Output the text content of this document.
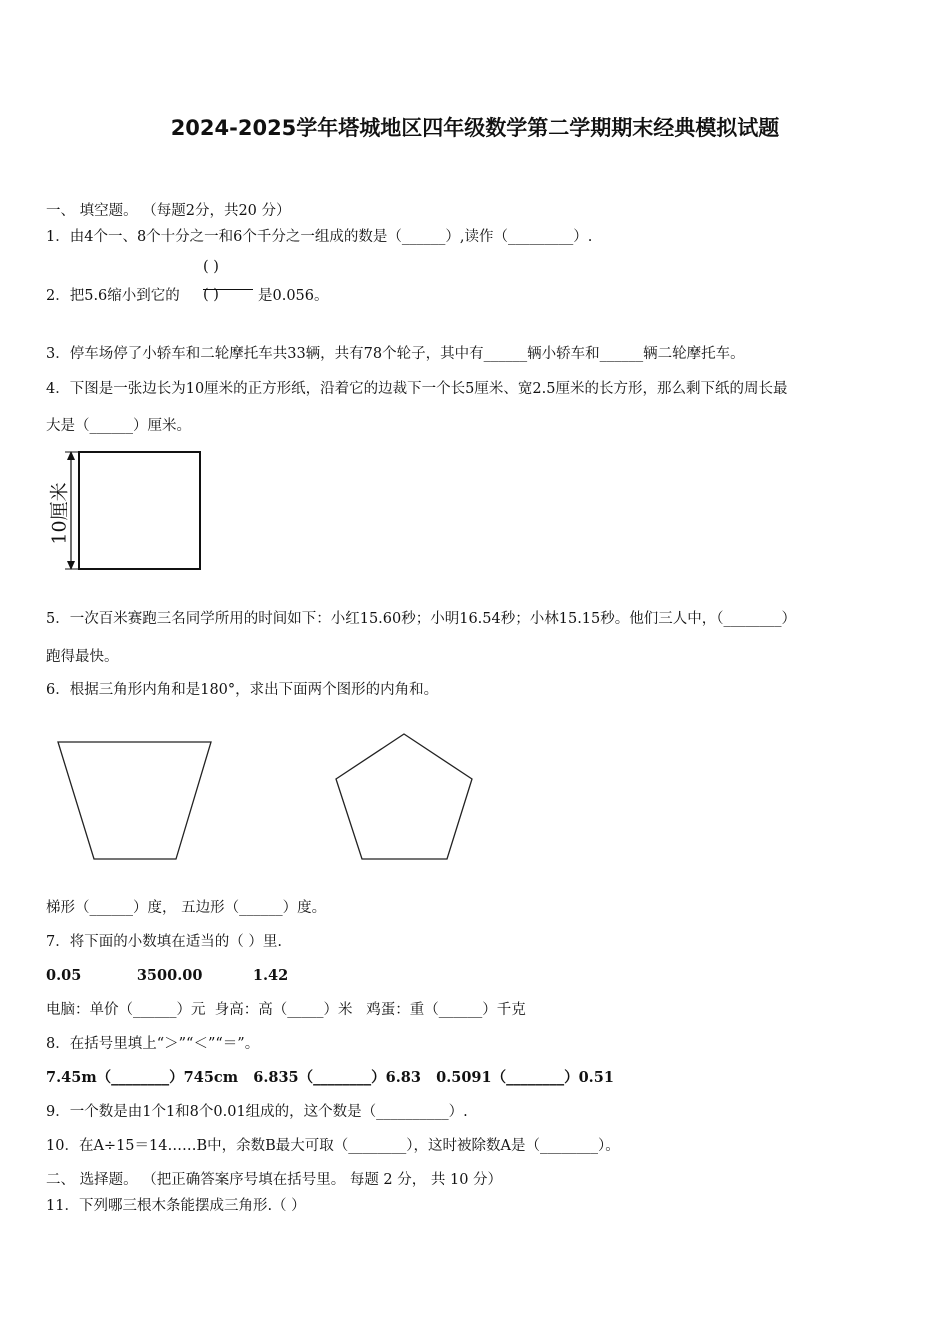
2024-2025学年塔城地区四年级数学第二学期期末经典模拟试题
一、 填空题。 （每题2分，共20 分）
1．由4个一、8个十分之一和6个千分之一组成的数是（______）,读作（_________）.
( )
2．把5.6缩小到它的 ( )	是0.056。
3．停车场停了小轿车和二轮摩托车共33辆，共有78个轮子，其中有______辆小轿车和______辆二轮摩托车。
4．下图是一张边长为10厘米的正方形纸，沿着它的边裁下一个长5厘米、宽2.5厘米的长方形，那么剩下纸的周长最
大是（______）厘米。
10厘米
5．一次百米赛跑三名同学所用的时间如下：小红15.60秒；小明16.54秒；小林15.15秒。他们三人中，（________）
跑得最快。
6．根据三角形内角和是180°，求出下面两个图形的内角和。
梯形（______）度， 五边形（______）度。
7．将下面的小数填在适当的（ ）里.
0.05           3500.00          1.42
电脑：单价（______）元  身高：高（_____）米   鸡蛋：重（______）千克
8．在括号里填上“＞”“＜”“＝”。
7.45m（________）745cm   6.835（________）6.83   0.5091（________）0.51
9．一个数是由1个1和8个0.01组成的，这个数是（__________）.
10．在A÷15＝14……B中，余数B最大可取（________），这时被除数A是（________）。
二、 选择题。 （把正确答案序号填在括号里。 每题 2 分， 共 10 分）
11．下列哪三根木条能摆成三角形.（ ）
